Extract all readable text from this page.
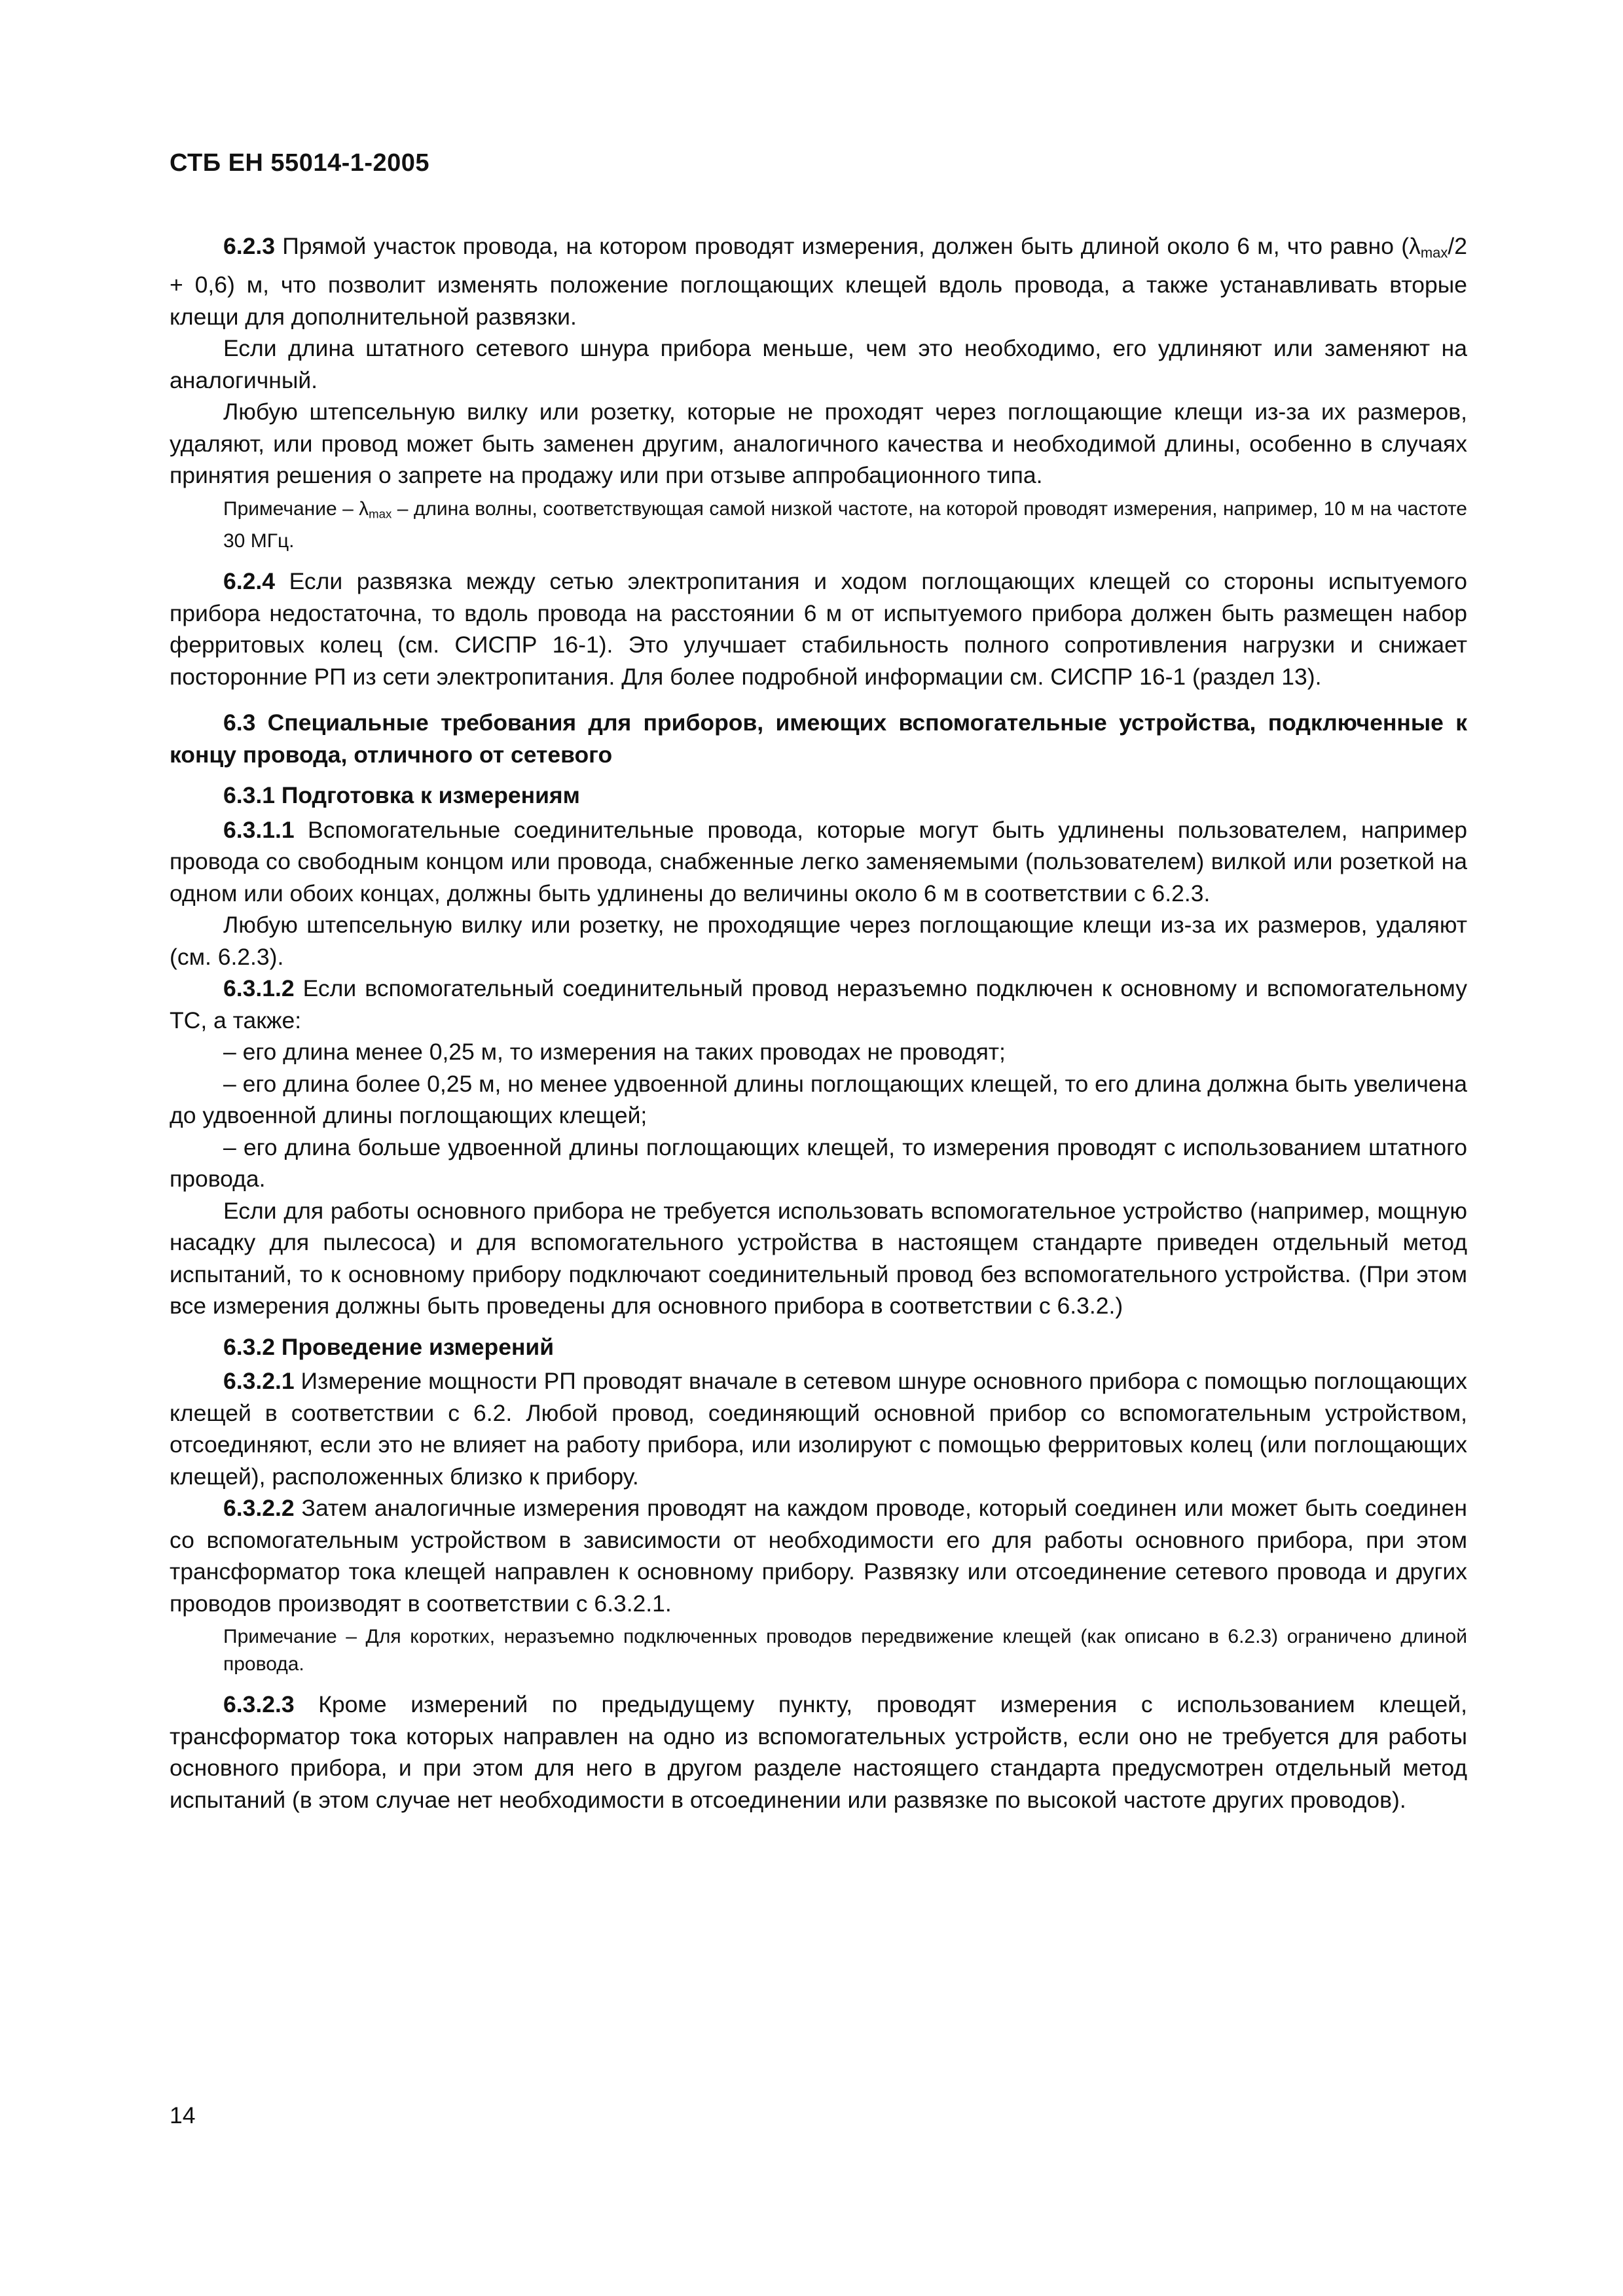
СТБ ЕН 55014-1-2005

6.2.3 Прямой участок провода, на котором проводят измерения, должен быть длиной около 6 м, что равно $(\lambda_{max}/2 + 0,6)$ м, что позволит изменять положение поглощающих клещей вдоль провода, а также устанавливать вторые клещи для дополнительной развязки.

Если длина штатного сетевого шнура прибора меньше, чем это необходимо, его удлиняют или заменяют на аналогичный.

Любую штепсельную вилку или розетку, которые не проходят через поглощающие клещи из-за их размеров, удаляют, или провод может быть заменен другим, аналогичного качества и необходимой длины, особенно в случаях принятия решения о запрете на продажу или при отзыве аппробационного типа.

Примечание – $\lambda_{max}$ – длина волны, соответствующая самой низкой частоте, на которой проводят измерения, например, 10 м на частоте 30 МГц.

6.2.4 Если развязка между сетью электропитания и ходом поглощающих клещей со стороны испытуемого прибора недостаточна, то вдоль провода на расстоянии 6 м от испытуемого прибора должен быть размещен набор ферритовых колец (см. СИСПР 16-1). Это улучшает стабильность полного сопротивления нагрузки и снижает посторонние РП из сети электропитания. Для более подробной информации см. СИСПР 16-1 (раздел 13).

6.3 Специальные требования для приборов, имеющих вспомогательные устройства, подключенные к концу провода, отличного от сетевого
6.3.1 Подготовка к измерениям

6.3.1.1 Вспомогательные соединительные провода, которые могут быть удлинены пользователем, например провода со свободным концом или провода, снабженные легко заменяемыми (пользователем) вилкой или розеткой на одном или обоих концах, должны быть удлинены до величины около 6 м в соответствии с 6.2.3.

Любую штепсельную вилку или розетку, не проходящие через поглощающие клещи из-за их размеров, удаляют (см. 6.2.3).

6.3.1.2 Если вспомогательный соединительный провод неразъемно подключен к основному и вспомогательному ТС, а также:

– его длина менее 0,25 м, то измерения на таких проводах не проводят;

– его длина более 0,25 м, но менее удвоенной длины поглощающих клещей, то его длина должна быть увеличена до удвоенной длины поглощающих клещей;

– его длина больше удвоенной длины поглощающих клещей, то измерения проводят с использованием штатного провода.

Если для работы основного прибора не требуется использовать вспомогательное устройство (например, мощную насадку для пылесоса) и для вспомогательного устройства в настоящем стандарте приведен отдельный метод испытаний, то к основному прибору подключают соединительный провод без вспомогательного устройства. (При этом все измерения должны быть проведены для основного прибора в соответствии с 6.3.2.)

6.3.2 Проведение измерений

6.3.2.1 Измерение мощности РП проводят вначале в сетевом шнуре основного прибора с помощью поглощающих клещей в соответствии с 6.2. Любой провод, соединяющий основной прибор со вспомогательным устройством, отсоединяют, если это не влияет на работу прибора, или изолируют с помощью ферритовых колец (или поглощающих клещей), расположенных близко к прибору.

6.3.2.2 Затем аналогичные измерения проводят на каждом проводе, который соединен или может быть соединен со вспомогательным устройством в зависимости от необходимости его для работы основного прибора, при этом трансформатор тока клещей направлен к основному прибору. Развязку или отсоединение сетевого провода и других проводов производят в соответствии с 6.3.2.1.

Примечание – Для коротких, неразъемно подключенных проводов передвижение клещей (как описано в 6.2.3) ограничено длиной провода.

6.3.2.3 Кроме измерений по предыдущему пункту, проводят измерения с использованием клещей, трансформатор тока которых направлен на одно из вспомогательных устройств, если оно не требуется для работы основного прибора, и при этом для него в другом разделе настоящего стандарта предусмотрен отдельный метод испытаний (в этом случае нет необходимости в отсоединении или развязке по высокой частоте других проводов).

14
